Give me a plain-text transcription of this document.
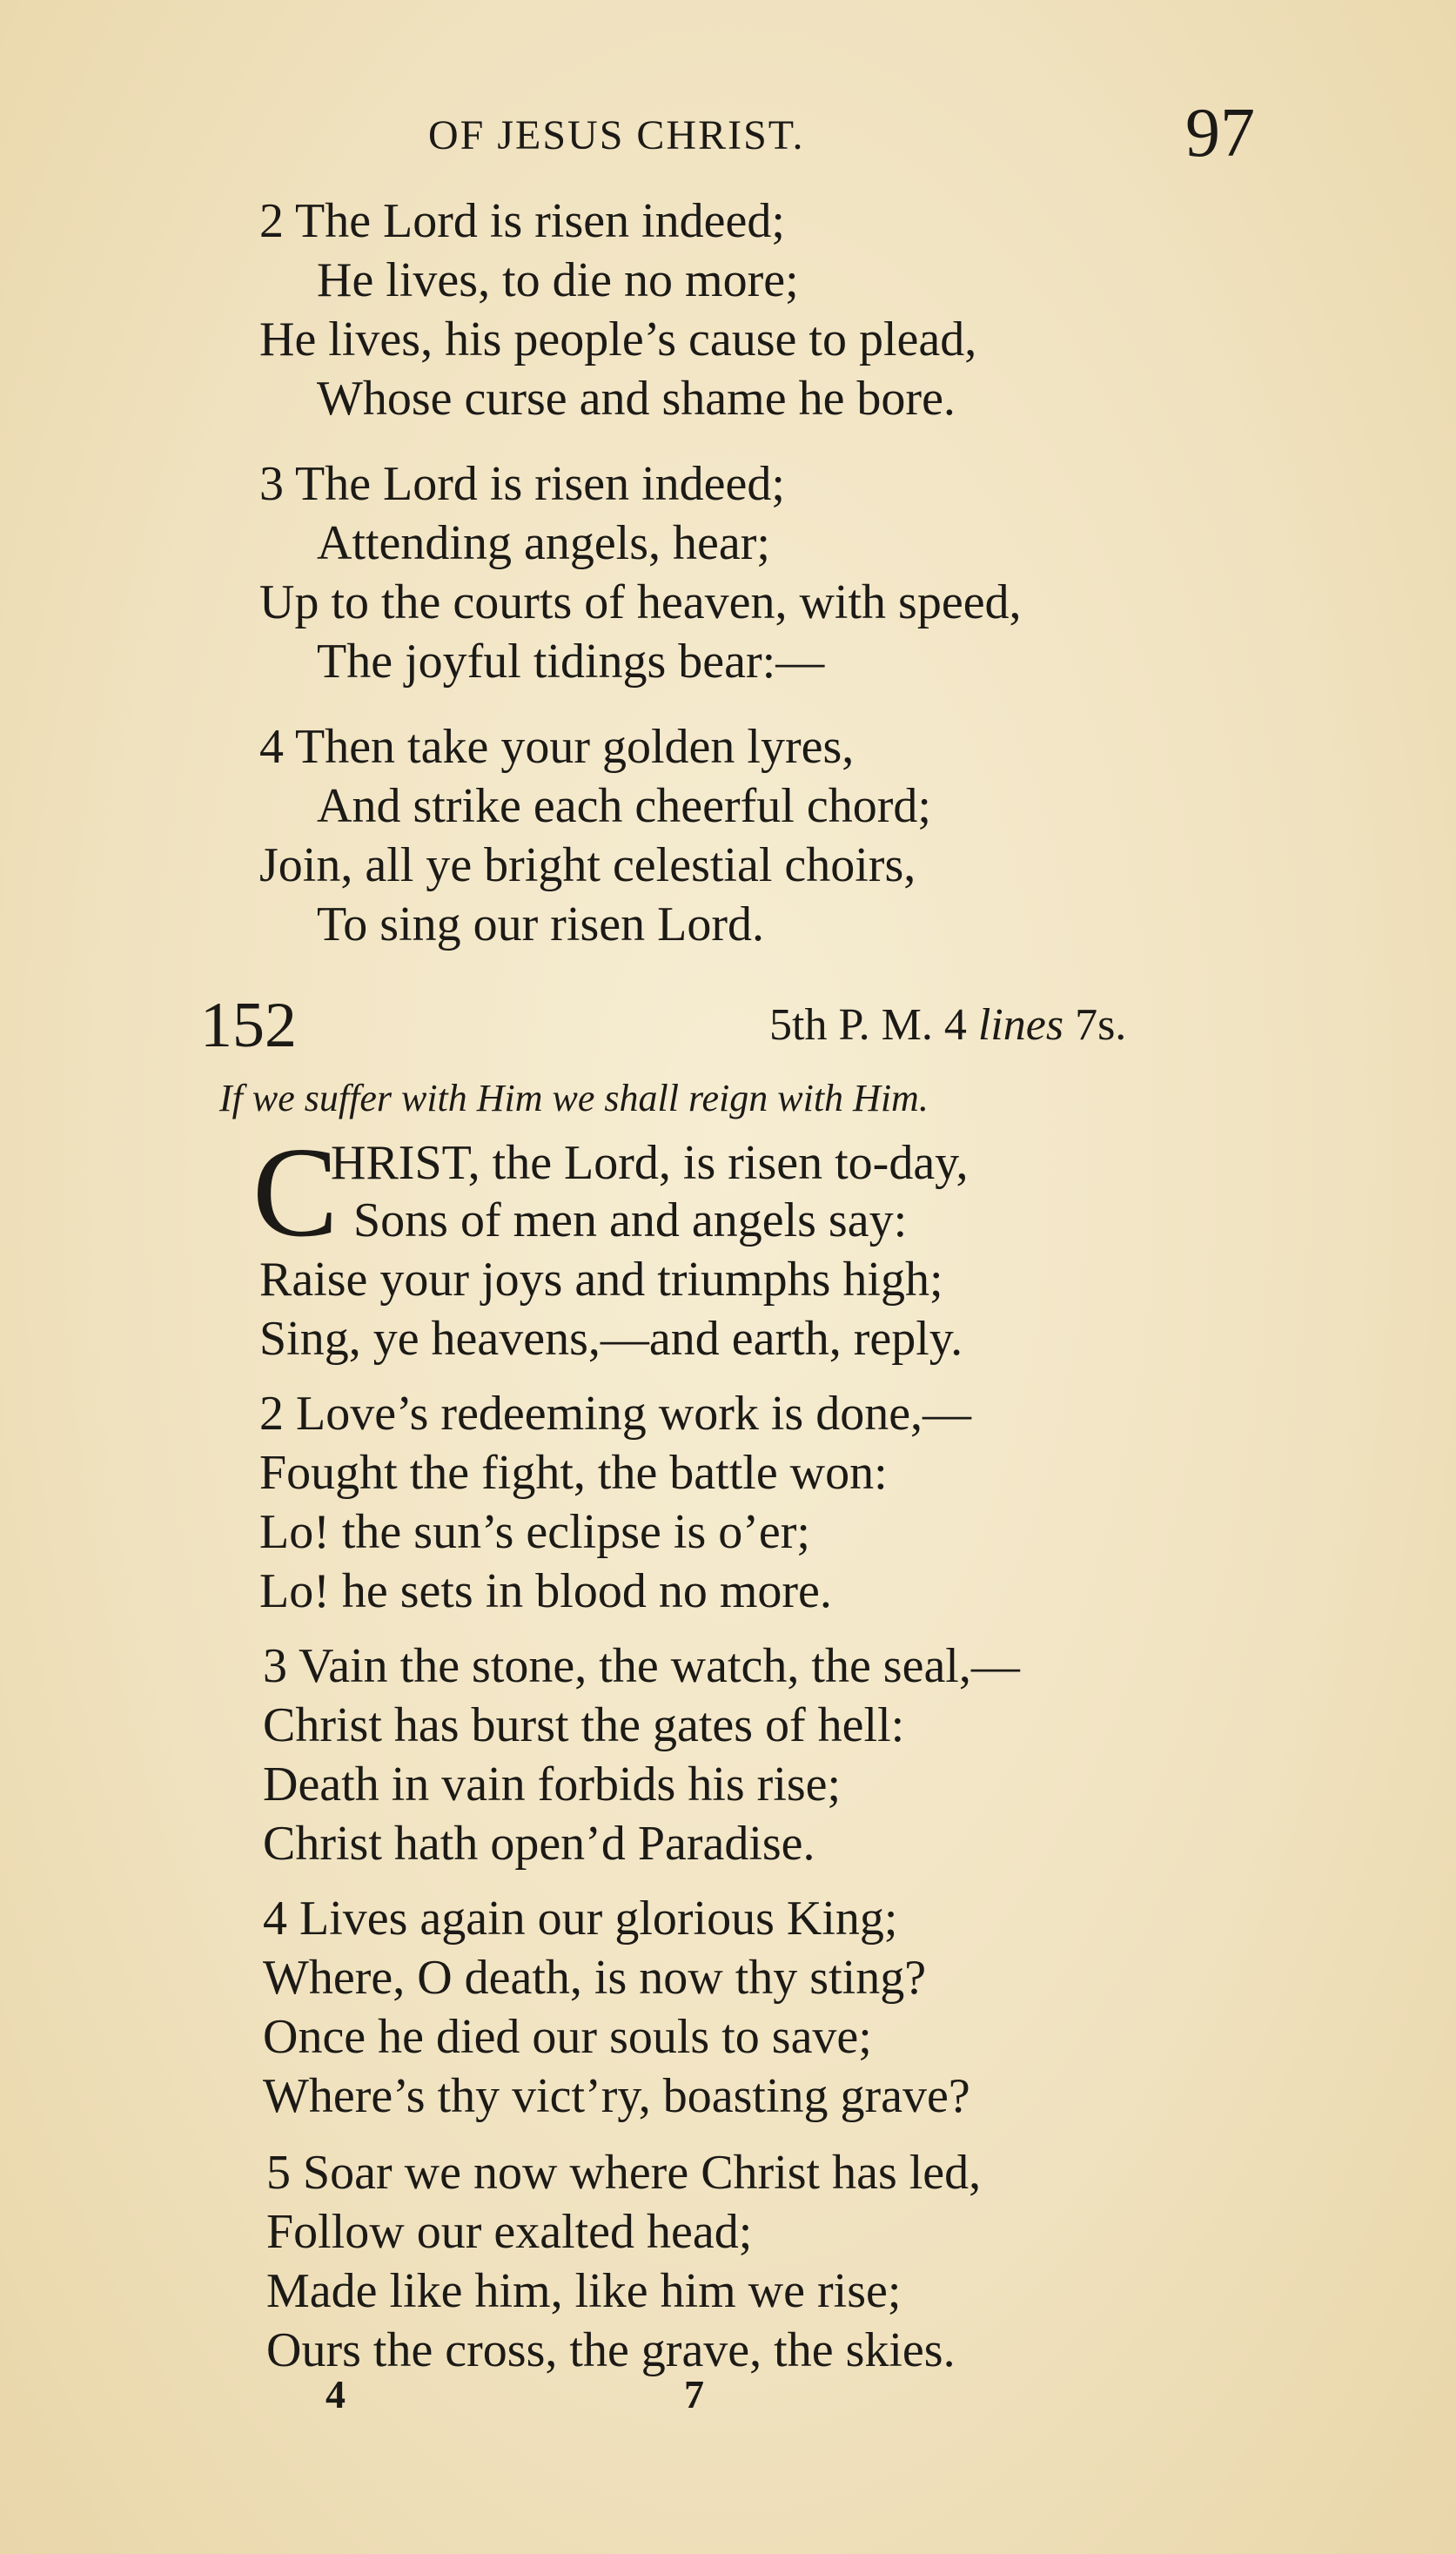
OF JESUS CHRIST.	97
2 The Lord is risen indeed;
He lives, to die no more;
He lives, his people’s cause to plead,
Whose curse and shame he bore.
3 The Lord is risen indeed;
Attending angels, hear;
Up to the courts of heaven, with speed,
The joyful tidings bear:—
4 Then take your golden lyres,
And strike each cheerful chord;
Join, all ye bright celestial choirs,
To sing our risen Lord.
152	5th P. M. 4 lines 7s.
If we suffer with Him we shall reign with Him.
C
HRIST, the Lord, is risen to-day,
Sons of men and angels say:
Raise your joys and triumphs high;
Sing, ye heavens,—and earth, reply.
2 Love’s redeeming work is done,—
Fought the fight, the battle won:
Lo! the sun’s eclipse is o’er;
Lo! he sets in blood no more.
3 Vain the stone, the watch, the seal,—
Christ has burst the gates of hell:
Death in vain forbids his rise;
Christ hath open’d Paradise.
4 Lives again our glorious King;
Where, O death, is now thy sting?
Once he died our souls to save;
Where’s thy vict’ry, boasting grave?
5 Soar we now where Christ has led,
Follow our exalted head;
Made like him, like him we rise;
Ours the cross, the grave, the skies.
4	7
